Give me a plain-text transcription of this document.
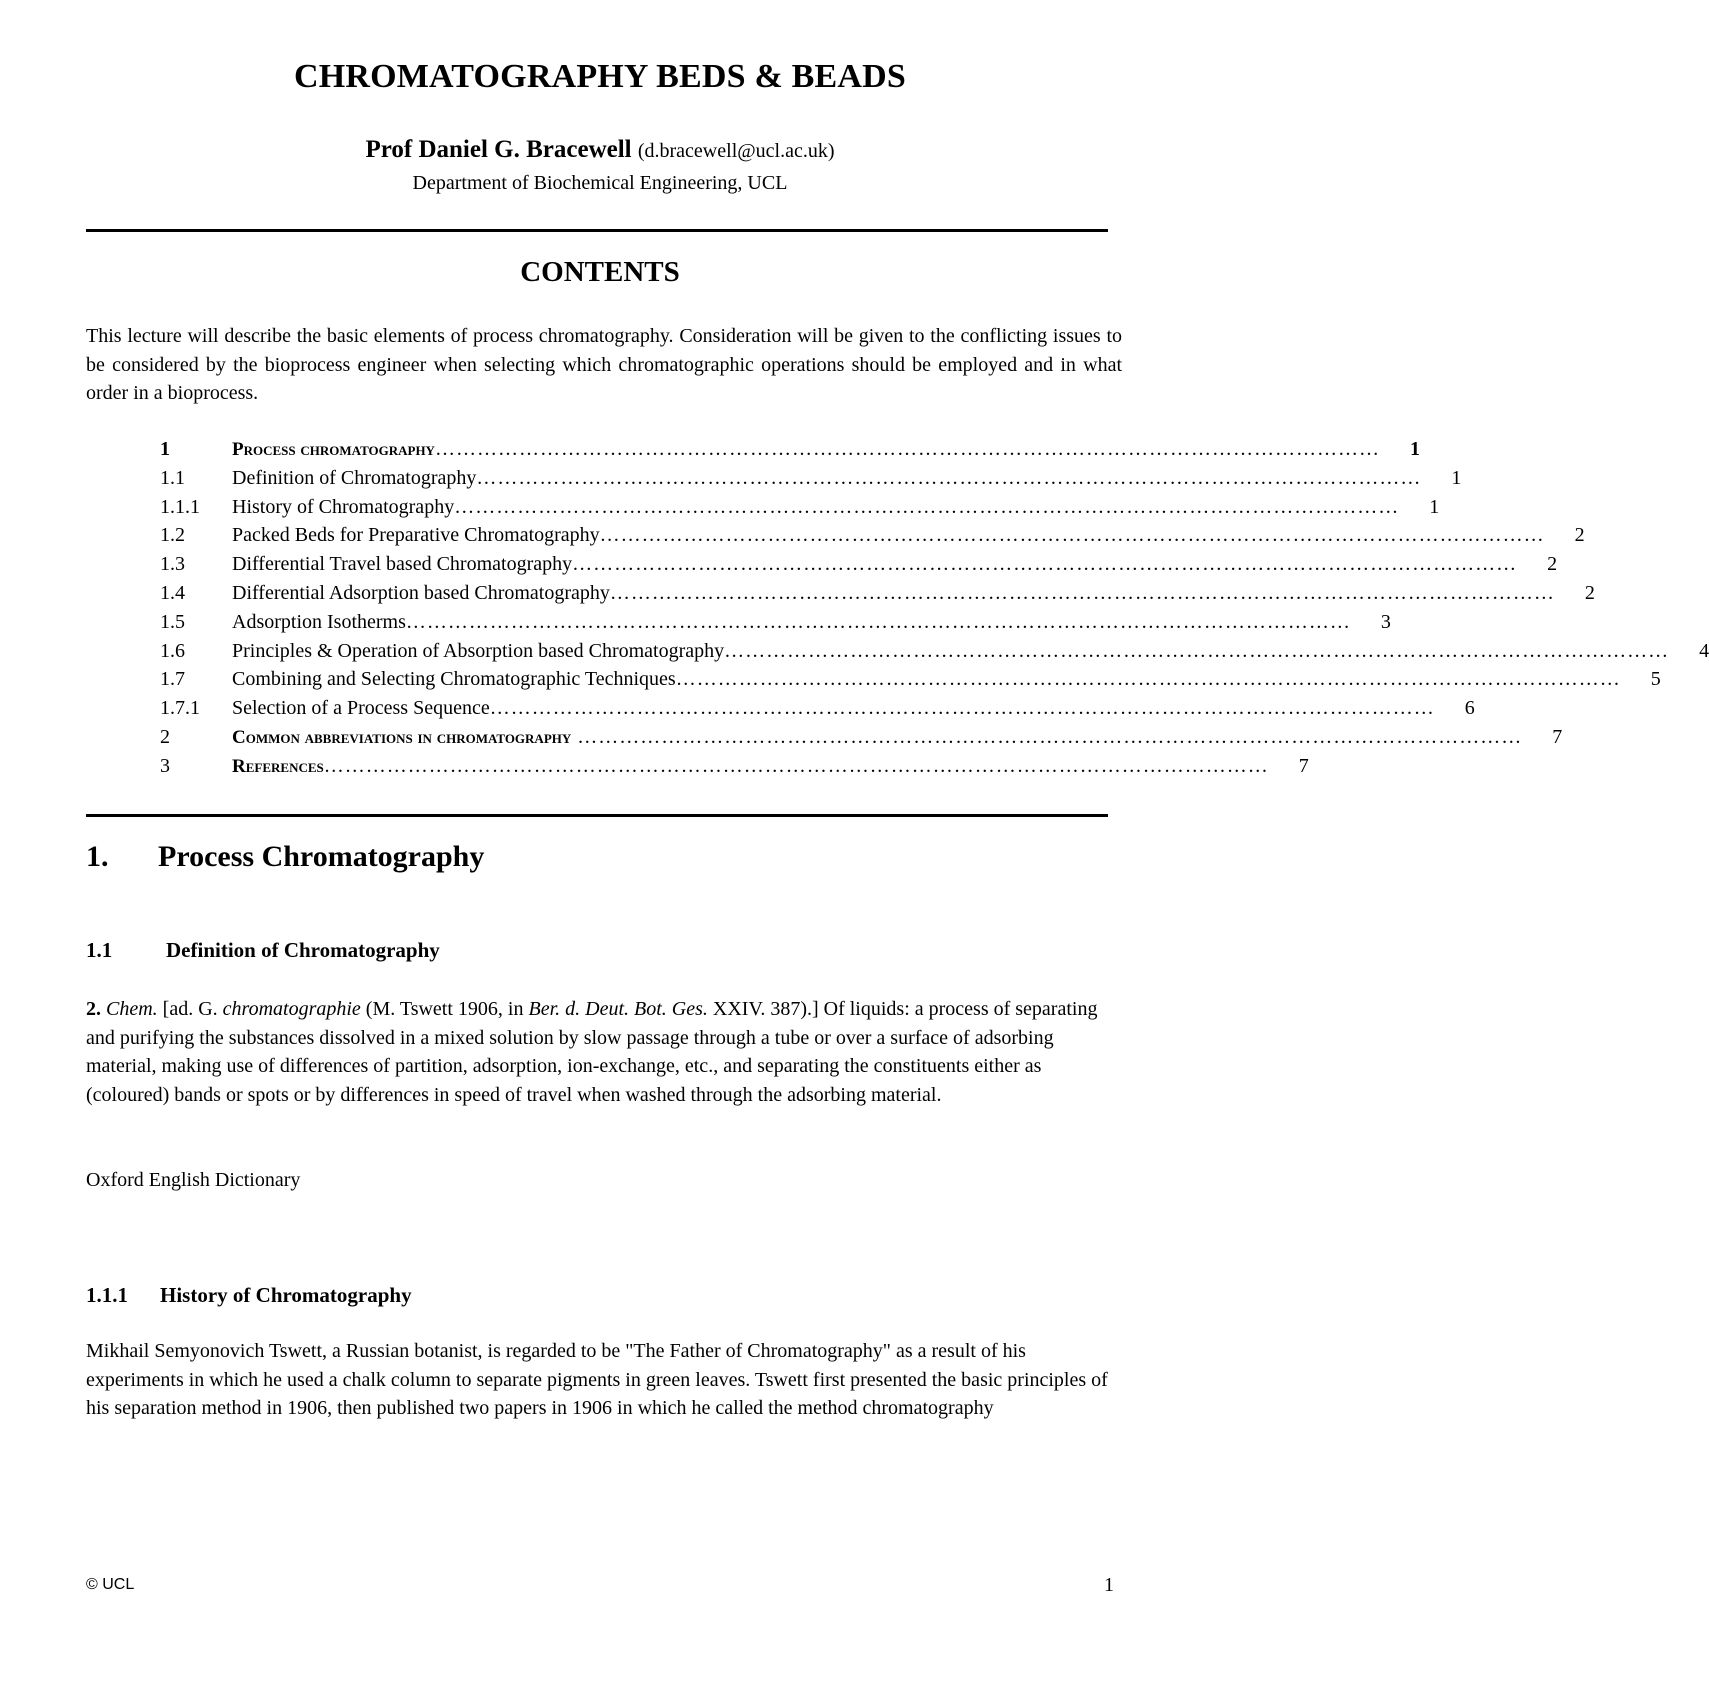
CHROMATOGRAPHY BEDS & BEADS
Prof Daniel G. Bracewell (d.bracewell@ucl.ac.uk)
Department of Biochemical Engineering, UCL
CONTENTS
This lecture will describe the basic elements of process chromatography. Consideration will be given to the conflicting issues to be considered by the bioprocess engineer when selecting which chromatographic operations should be employed and in what order in a bioprocess.
1	Process chromatography ………………………………………………………………………………………………………………………	1
1.1	Definition of Chromatography ………………………………………………………………………………………………………………………	1
1.1.1	History of Chromatography ………………………………………………………………………………………………………………………	1
1.2	Packed Beds for Preparative Chromatography ………………………………………………………………………………………………………………………	2
1.3	Differential Travel based Chromatography ………………………………………………………………………………………………………………………	2
1.4	Differential Adsorption based Chromatography ………………………………………………………………………………………………………………………	2
1.5	Adsorption Isotherms ………………………………………………………………………………………………………………………	3
1.6	Principles & Operation of Absorption based Chromatography ………………………………………………………………………………………………………………………	4
1.7	Combining and Selecting Chromatographic Techniques ………………………………………………………………………………………………………………………	5
1.7.1	Selection of a Process Sequence ………………………………………………………………………………………………………………………	6
2	Common abbreviations in chromatography ………………………………………………………………………………………………………………………	7
3	References ………………………………………………………………………………………………………………………	7
1. Process Chromatography
1.1	Definition of Chromatography
2. Chem. [ad. G. chromatographie (M. Tswett 1906, in Ber. d. Deut. Bot. Ges. XXIV. 387).] Of liquids: a process of separating and purifying the substances dissolved in a mixed solution by slow passage through a tube or over a surface of adsorbing material, making use of differences of partition, adsorption, ion-exchange, etc., and separating the constituents either as (coloured) bands or spots or by differences in speed of travel when washed through the adsorbing material.
Oxford English Dictionary
1.1.1 History of Chromatography
Mikhail Semyonovich Tswett, a Russian botanist, is regarded to be "The Father of Chromatography" as a result of his experiments in which he used a chalk column to separate pigments in green leaves. Tswett first presented the basic principles of his separation method in 1906, then published two papers in 1906 in which he called the method chromatography
© UCL	1
